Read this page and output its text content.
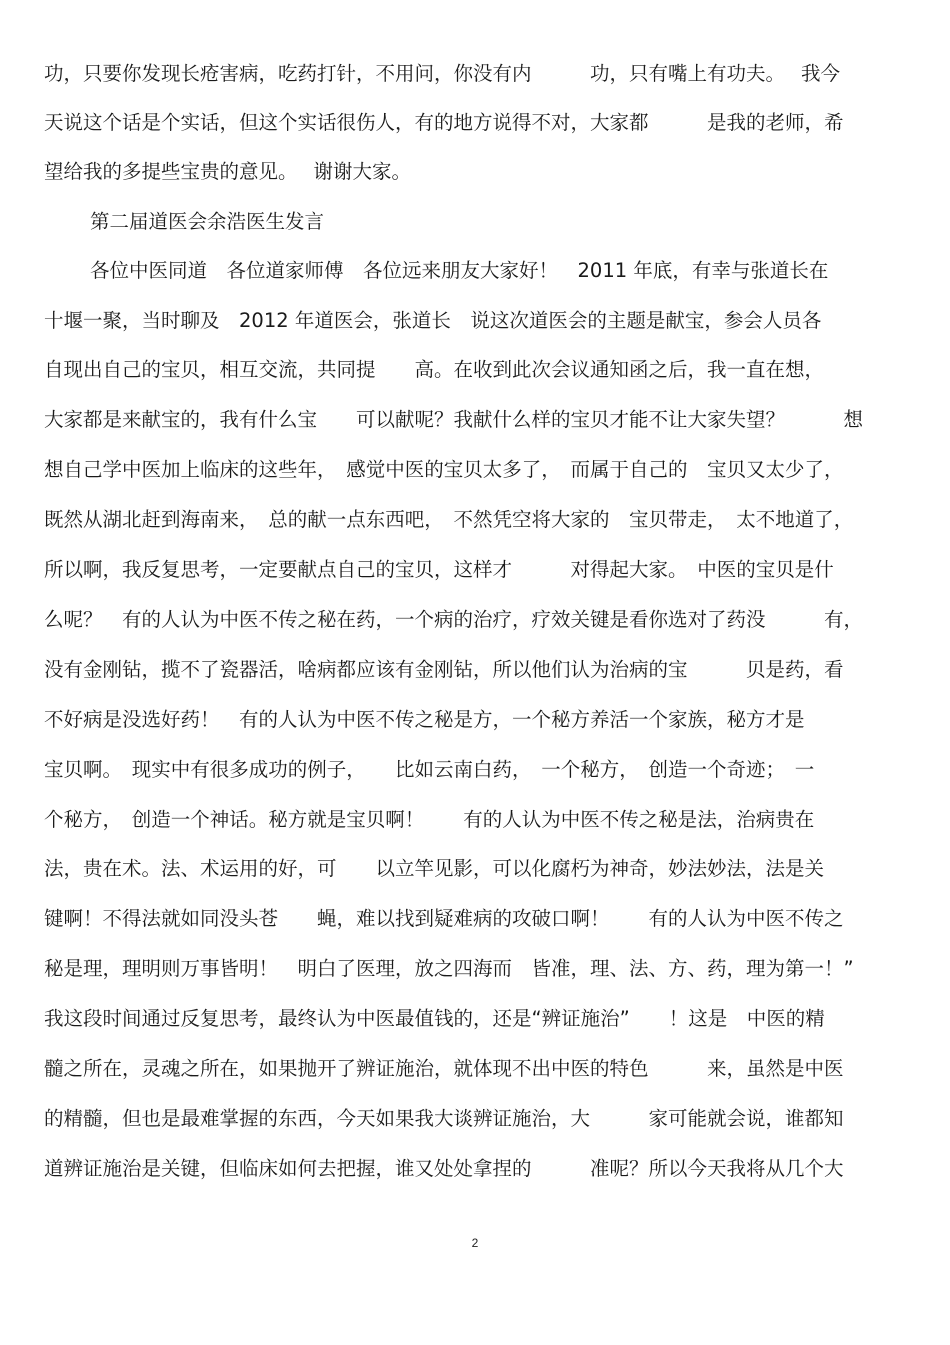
功，只要你发现长疮害病，吃药打针，不用问，你没有内　　　功，只有嘴上有功夫。　 我今
天说这个话是个实话，但这个实话很伤人，有的地方说得不对，大家都　　　是我的老师，希
望给我的多提些宝贵的意见。　 谢谢大家。
第二届道医会余浩医生发言
各位中医同道　各位道家师傅　各位远来朋友大家好！　2011 年底，有幸与张道长在
十堰一聚，当时聊及　2012 年道医会，张道长　说这次道医会的主题是献宝，参会人员各
自现出自己的宝贝，相互交流，共同提　　高。在收到此次会议通知函之后，我一直在想，
大家都是来献宝的，我有什么宝　　可以献呢？我献什么样的宝贝才能不让大家失望？　　　想
想自己学中医加上临床的这些年，　感觉中医的宝贝太多了，　而属于自己的　宝贝又太少了，
既然从湖北赶到海南来，　总的献一点东西吧，　不然凭空将大家的　宝贝带走，　太不地道了，
所以啊，我反复思考，一定要献点自己的宝贝，这样才　　　对得起大家。　中医的宝贝是什
么呢？　有的人认为中医不传之秘在药，一个病的治疗，疗效关键是看你选对了药没　　　有，
没有金刚钻，揽不了瓷器活，啥病都应该有金刚钻，所以他们认为治病的宝　　　贝是药，看
不好病是没选好药！　有的人认为中医不传之秘是方，一个秘方养活一个家族，秘方才是
宝贝啊。　现实中有很多成功的例子，　　比如云南白药，　一个秘方，　创造一个奇迹；　一
个秘方，　创造一个神话。秘方就是宝贝啊！　　有的人认为中医不传之秘是法，治病贵在
法，贵在术。法、术运用的好，可　　以立竿见影，可以化腐朽为神奇，妙法妙法，法是关
键啊！不得法就如同没头苍　　蝇，难以找到疑难病的攻破口啊！　　有的人认为中医不传之
秘是理，理明则万事皆明！　明白了医理，放之四海而　皆准，理、法、方、药，理为第一！”
我这段时间通过反复思考，最终认为中医最值钱的，还是“辨证施治”　　！这是　中医的精
髓之所在，灵魂之所在，如果抛开了辨证施治，就体现不出中医的特色　　　来，虽然是中医
的精髓，但也是最难掌握的东西，今天如果我大谈辨证施治，大　　　家可能就会说，谁都知
道辨证施治是关键，但临床如何去把握，谁又处处拿捏的　　　准呢？所以今天我将从几个大
2
